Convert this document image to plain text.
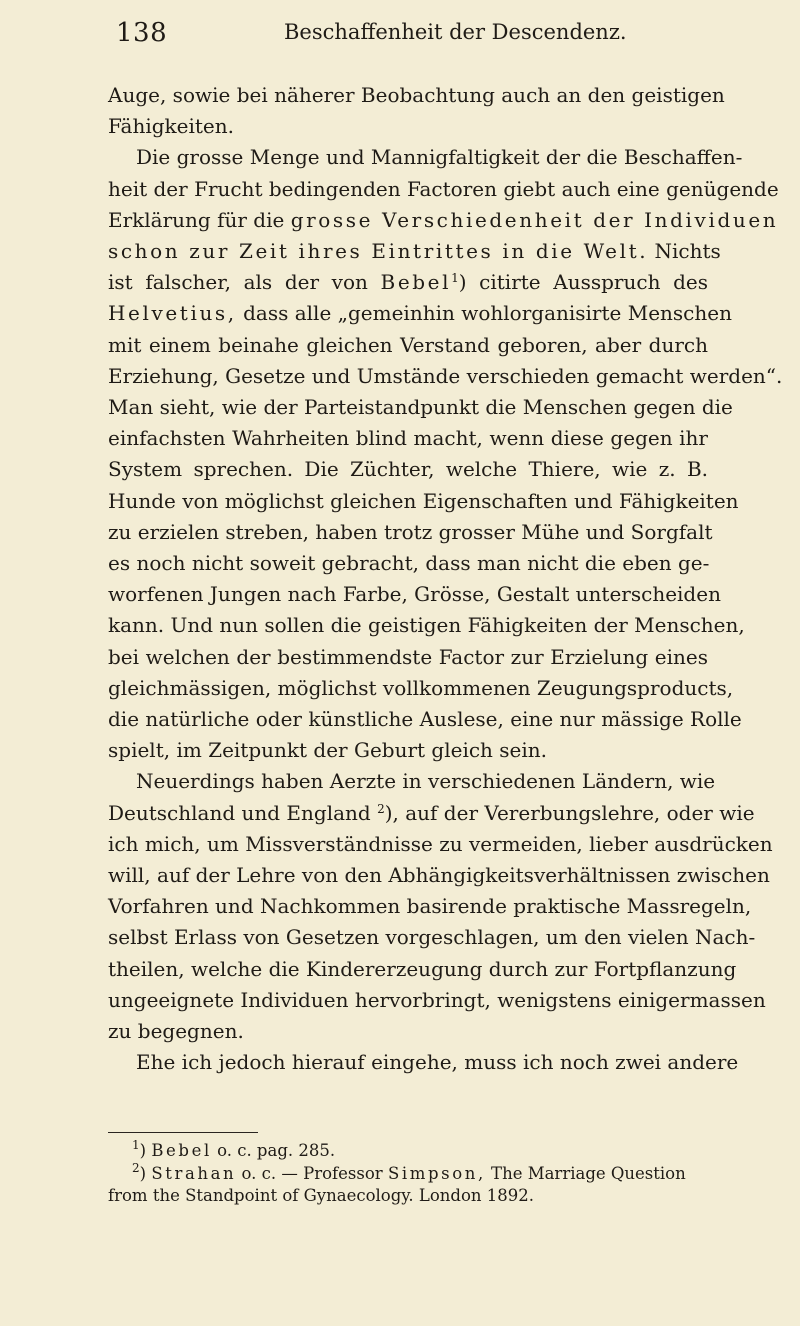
138	Beschaffenheit der Descendenz.
Auge, sowie bei näherer Beobachtung auch an den geistigen
Fähigkeiten.
Die grosse Menge und Mannigfaltigkeit der die Beschaffen-
heit der Frucht bedingenden Factoren giebt auch eine genügende
Erklärung für die grosse Verschiedenheit der Individuen
schon zur Zeit ihres Eintrittes in die Welt. Nichts
ist falscher, als der von Bebel$^1$) citirte Ausspruch des
Helvetius, dass alle „gemeinhin wohlorganisirte Menschen
mit einem beinahe gleichen Verstand geboren, aber durch
Erziehung, Gesetze und Umstände verschieden gemacht werden“.
Man sieht, wie der Parteistandpunkt die Menschen gegen die
einfachsten Wahrheiten blind macht, wenn diese gegen ihr
System sprechen. Die Züchter, welche Thiere, wie z. B.
Hunde von möglichst gleichen Eigenschaften und Fähigkeiten
zu erzielen streben, haben trotz grosser Mühe und Sorgfalt
es noch nicht soweit gebracht, dass man nicht die eben ge-
worfenen Jungen nach Farbe, Grösse, Gestalt unterscheiden
kann. Und nun sollen die geistigen Fähigkeiten der Menschen,
bei welchen der bestimmendste Factor zur Erzielung eines
gleichmässigen, möglichst vollkommenen Zeugungsproducts,
die natürliche oder künstliche Auslese, eine nur mässige Rolle
spielt, im Zeitpunkt der Geburt gleich sein.
Neuerdings haben Aerzte in verschiedenen Ländern, wie
Deutschland und England $^2$), auf der Vererbungslehre, oder wie
ich mich, um Missverständnisse zu vermeiden, lieber ausdrücken
will, auf der Lehre von den Abhängigkeitsverhältnissen zwischen
Vorfahren und Nachkommen basirende praktische Massregeln,
selbst Erlass von Gesetzen vorgeschlagen, um den vielen Nach-
theilen, welche die Kindererzeugung durch zur Fortpflanzung
ungeeignete Individuen hervorbringt, wenigstens einigermassen
zu begegnen.
Ehe ich jedoch hierauf eingehe, muss ich noch zwei andere
$^1$) Bebel o. c. pag. 285.
$^2$) Strahan o. c. — Professor Simpson, The Marriage Question
from the Standpoint of Gynaecology. London 1892.
